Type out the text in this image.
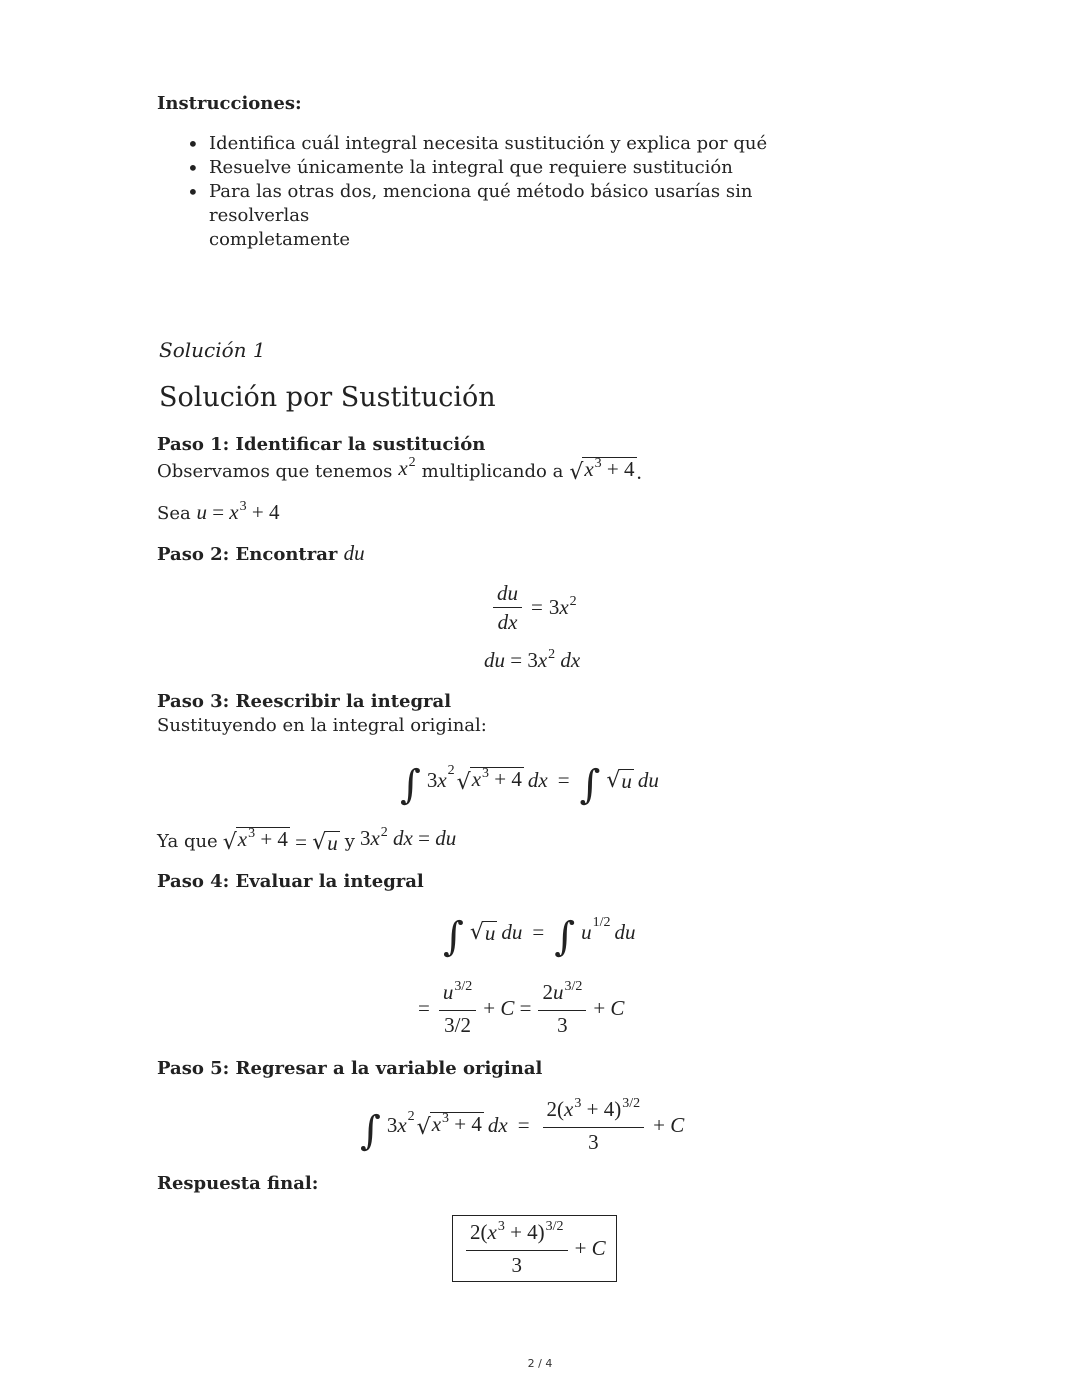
Instrucciones:
• Identifica cuál integral necesita sustitución y explica por qué
• Resuelve únicamente la integral que requiere sustitución
• Para las otras dos, menciona qué método básico usarías sin resolverlas
completamente
Solución 1
Solución por Sustitución
Paso 1: Identificar la sustitución
Observamos que tenemos $x^2$ multiplicando a √ $x^3 + 4$ .
Sea $u = x^3 + 4$
Paso 2: Encontrar du
$\frac{du}{dx} = 3x^2$
du = $3x^2$ dx
Paso 3: Reescribir la integral
Sustituyendo en la integral original:
∫ 3 x 2 √ $x^3 + 4$ dx = ∫ √ u du
Ya que √ $x^3 + 4$ = √ u y $3x^2$ dx = du
Paso 4: Evaluar la integral
∫ √ u du = ∫ u 1/2 du
= $\frac{u^{3/2}}{3/2} + C = \frac{2u^{3/2}}{3} + C$
Paso 5: Regresar a la variable original
∫ 3 x 2 √ $x^3 + 4$ dx = $\frac{2(x^3 + 4)^{3/2}}{3} + C$
Respuesta final:
$\frac{2(x^3 + 4)^{3/2}}{3} + C$
2 / 4
